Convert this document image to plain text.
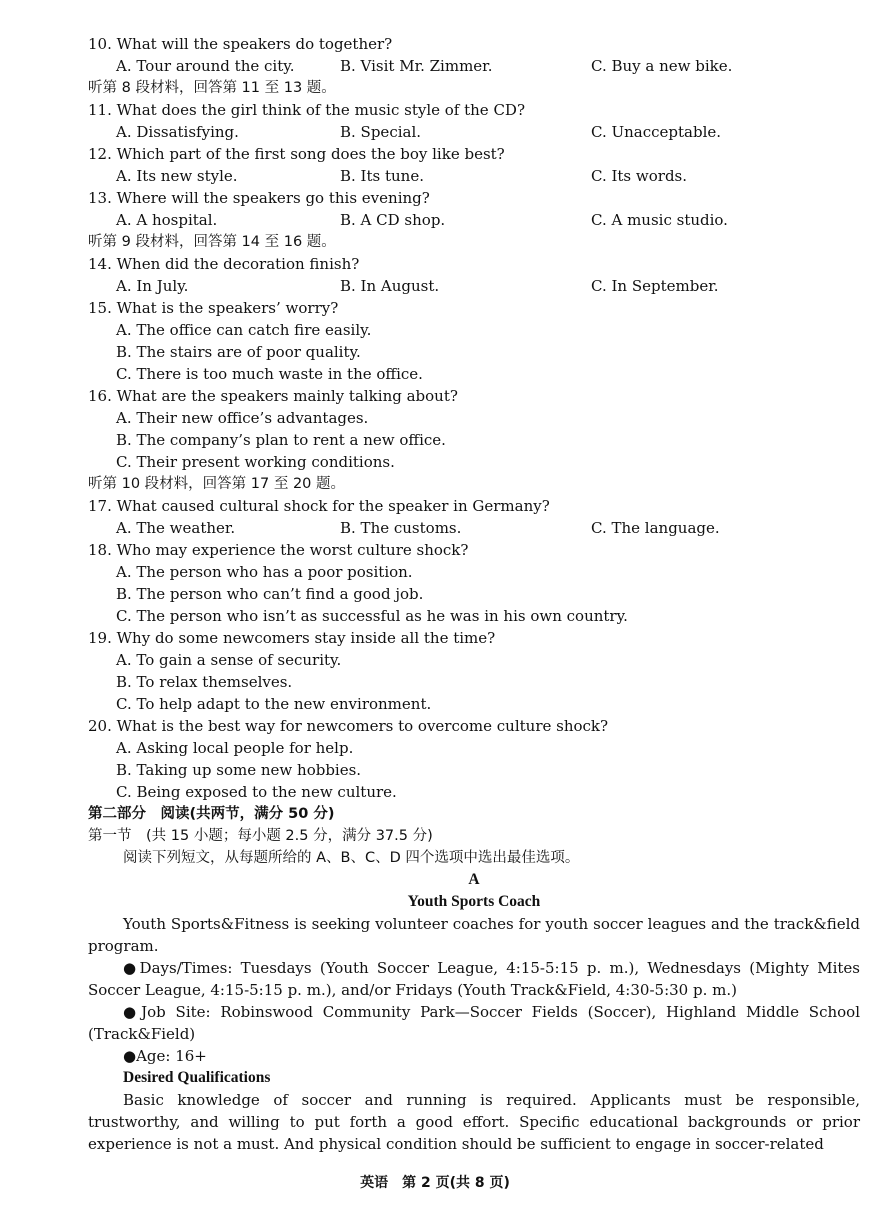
10. What will the speakers do together?
A. Tour around the city.	B. Visit Mr. Zimmer.	C. Buy a new bike.
听第 8 段材料，回答第 11 至 13 题。
11. What does the girl think of the music style of the CD?
A. Dissatisfying.	B. Special.	C. Unacceptable.
12. Which part of the first song does the boy like best?
A. Its new style.	B. Its tune.	C. Its words.
13. Where will the speakers go this evening?
A. A hospital.	B. A CD shop.	C. A music studio.
听第 9 段材料，回答第 14 至 16 题。
14. When did the decoration finish?
A. In July.	B. In August.	C. In September.
15. What is the speakers’ worry?
A. The office can catch fire easily.
B. The stairs are of poor quality.
C. There is too much waste in the office.
16. What are the speakers mainly talking about?
A. Their new office’s advantages.
B. The company’s plan to rent a new office.
C. Their present working conditions.
听第 10 段材料，回答第 17 至 20 题。
17. What caused cultural shock for the speaker in Germany?
A. The weather.	B. The customs.	C. The language.
18. Who may experience the worst culture shock?
A. The person who has a poor position.
B. The person who can’t find a good job.
C. The person who isn’t as successful as he was in his own country.
19. Why do some newcomers stay inside all the time?
A. To gain a sense of security.
B. To relax themselves.
C. To help adapt to the new environment.
20. What is the best way for newcomers to overcome culture shock?
A. Asking local people for help.
B. Taking up some new hobbies.
C. Being exposed to the new culture.
第二部分　阅读(共两节，满分 50 分)
第一节　(共 15 小题；每小题 2.5 分，满分 37.5 分)
阅读下列短文，从每题所给的 A、B、C、D 四个选项中选出最佳选项。
A
Youth Sports Coach
Youth Sports&Fitness is seeking volunteer coaches for youth soccer leagues and the track&field program.
●Days/Times: Tuesdays (Youth Soccer League, 4:15-5:15 p. m.), Wednesdays (Mighty Mites Soccer League, 4:15-5:15 p. m.), and/or Fridays (Youth Track&Field, 4:30-5:30 p. m.)
●Job Site: Robinswood Community Park—Soccer Fields (Soccer), Highland Middle School (Track&Field)
●Age: 16+
Desired Qualifications
Basic knowledge of soccer and running is required. Applicants must be responsible, trustworthy, and willing to put forth a good effort. Specific educational backgrounds or prior experience is not a must. And physical condition should be sufficient to engage in soccer-related
英语　第 2 页(共 8 页)
